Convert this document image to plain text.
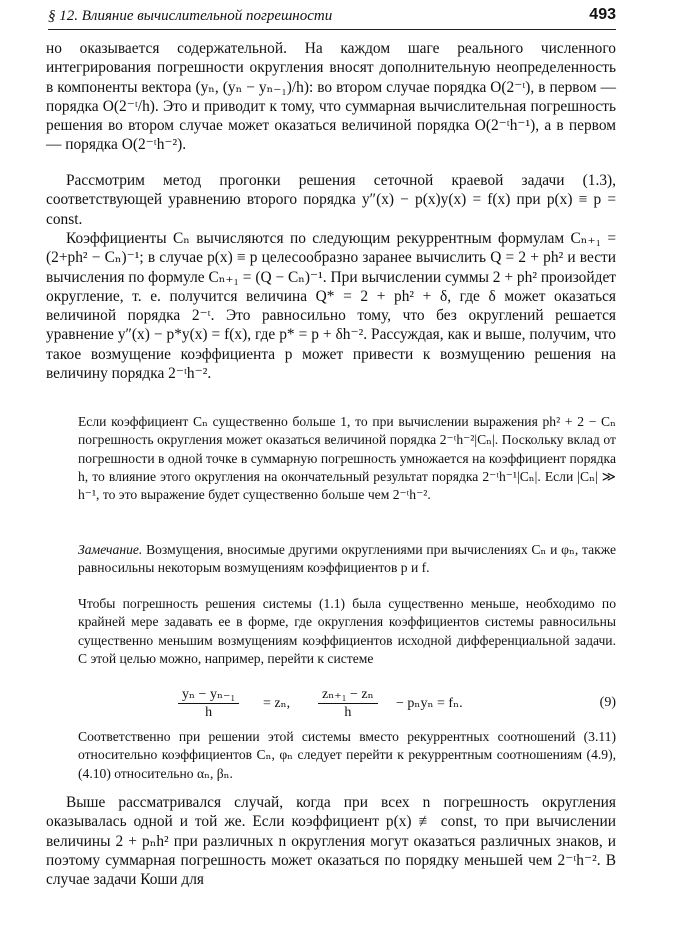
§ 12. Влияние вычислительной погрешности	493

но оказывается содержательной. На каждом шаге реального численного интегрирования погрешности округления вносят дополнительную неопределенность в компоненты вектора (yₙ, (yₙ − yₙ₋₁)/h): во втором случае порядка O(2⁻ᵗ), в первом — порядка O(2⁻ᵗ/h). Это и приводит к тому, что суммарная вычислительная погрешность решения во втором случае может оказаться величиной порядка O(2⁻ᵗh⁻¹), а в первом — порядка O(2⁻ᵗh⁻²).

Рассмотрим метод прогонки решения сеточной краевой задачи (1.3), соответствующей уравнению второго порядка y″(x) − p(x)y(x) = f(x) при p(x) ≡ p = const.

Коэффициенты Cₙ вычисляются по следующим рекуррентным формулам Cₙ₊₁ = (2+ph² − Cₙ)⁻¹; в случае p(x) ≡ p целесообразно заранее вычислить Q = 2 + ph² и вести вычисления по формуле Cₙ₊₁ = (Q − Cₙ)⁻¹. При вычислении суммы 2 + ph² произойдет округление, т. е. получится величина Q* = 2 + ph² + δ, где δ может оказаться величиной порядка 2⁻ᵗ. Это равносильно тому, что без округлений решается уравнение y″(x) − p*y(x) = f(x), где p* = p + δh⁻². Рассуждая, как и выше, получим, что такое возмущение коэффициента p может привести к возмущению решения на величину порядка 2⁻ᵗh⁻².

Если коэффициент Cₙ существенно больше 1, то при вычислении выражения ph² + 2 − Cₙ погрешность округления может оказаться величиной порядка 2⁻ᵗh⁻²|Cₙ|. Поскольку вклад от погрешности в одной точке в суммарную погрешность умножается на коэффициент порядка h, то влияние этого округления на окончательный результат порядка 2⁻ᵗh⁻¹|Cₙ|. Если |Cₙ| ≫ h⁻¹, то это выражение будет существенно больше чем 2⁻ᵗh⁻².

Замечание. Возмущения, вносимые другими округлениями при вычислениях Cₙ и φₙ, также равносильны некоторым возмущениям коэффициентов p и f.

Чтобы погрешность решения системы (1.1) была существенно меньше, необходимо по крайней мере задавать ее в форме, где округления коэффициентов системы равносильны существенно меньшим возмущениям коэффициентов исходной дифференциальной задачи. С этой целью можно, например, перейти к системе

$\frac{\text{yₙ − yₙ₋₁}}{h} = z_n$, $\frac{\text{zₙ₊₁ − zₙ}}{h} - p_ny_n = f_n$.	(9)

Соответственно при решении этой системы вместо рекуррентных соотношений (3.11) относительно коэффициентов Cₙ, φₙ следует перейти к рекуррентным соотношениям (4.9), (4.10) относительно αₙ, βₙ.

Выше рассматривался случай, когда при всех n погрешность округления оказывалась одной и той же. Если коэффициент p(x) ≢ const, то при вычислении величины 2 + pₙh² при различных n округления могут оказаться различных знаков, и поэтому суммарная погрешность может оказаться по порядку меньшей чем 2⁻ᵗh⁻². В случае задачи Коши для
